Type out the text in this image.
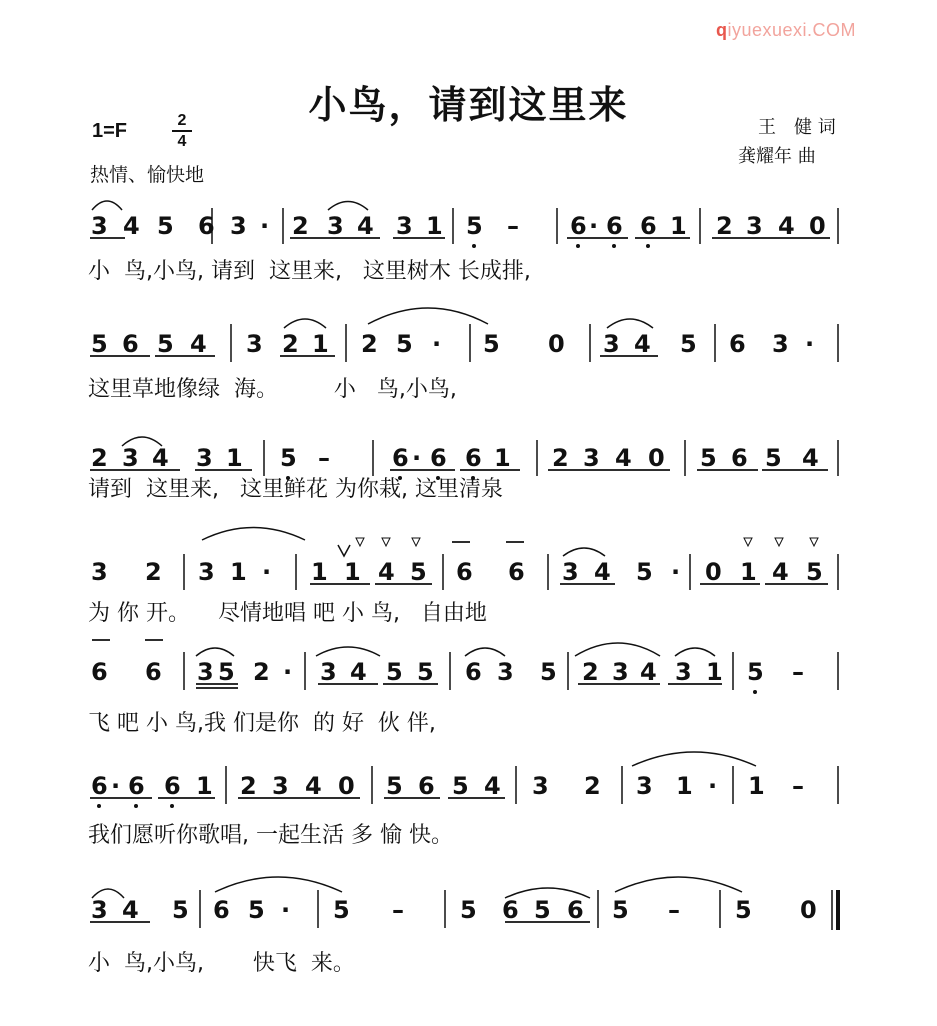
qiyuexuexi.COM
小鸟，请到这里来
1=F	2
4
热情、愉快地
王　健 词
龚耀年 曲
3 4 5 6 3 · 2 3 4 3 1 5 – 6 · 6 6 1 2 3 4 0
5 6 5 4 3 2 1 2 5 · 5 0 3 4 5 6 3 ·
2 3 4 3 1 5 –	6 · 6 6 1 2 3 4 0 5 6 5 4
3 2 3 1 · 1 1 4 5 6 6 3 4 5 · 0 1 4 5
6 6 3 5 2 · 3 4 5 5 6 3 5 2 3 4 3 1 5 –
6 · 6 6 1 2 3 4 0 5 6 5 4 3 2 3 1 · 1 –
3 4 5 6 5 · 5 – 5 6 5 6 5 – 5 0
小  鸟,小鸟, 请到  这里来,   这里树木 长成排,
这里草地像绿  海。        小   鸟,小鸟,
请到  这里来,   这里鲜花 为你栽, 这里清泉
为 你 开。    尽情地唱 吧 小 鸟,   自由地
飞 吧 小 鸟,我 们是你  的 好  伙 伴,
我们愿听你歌唱, 一起生活 多 愉 快。
小  鸟,小鸟,       快飞  来。
